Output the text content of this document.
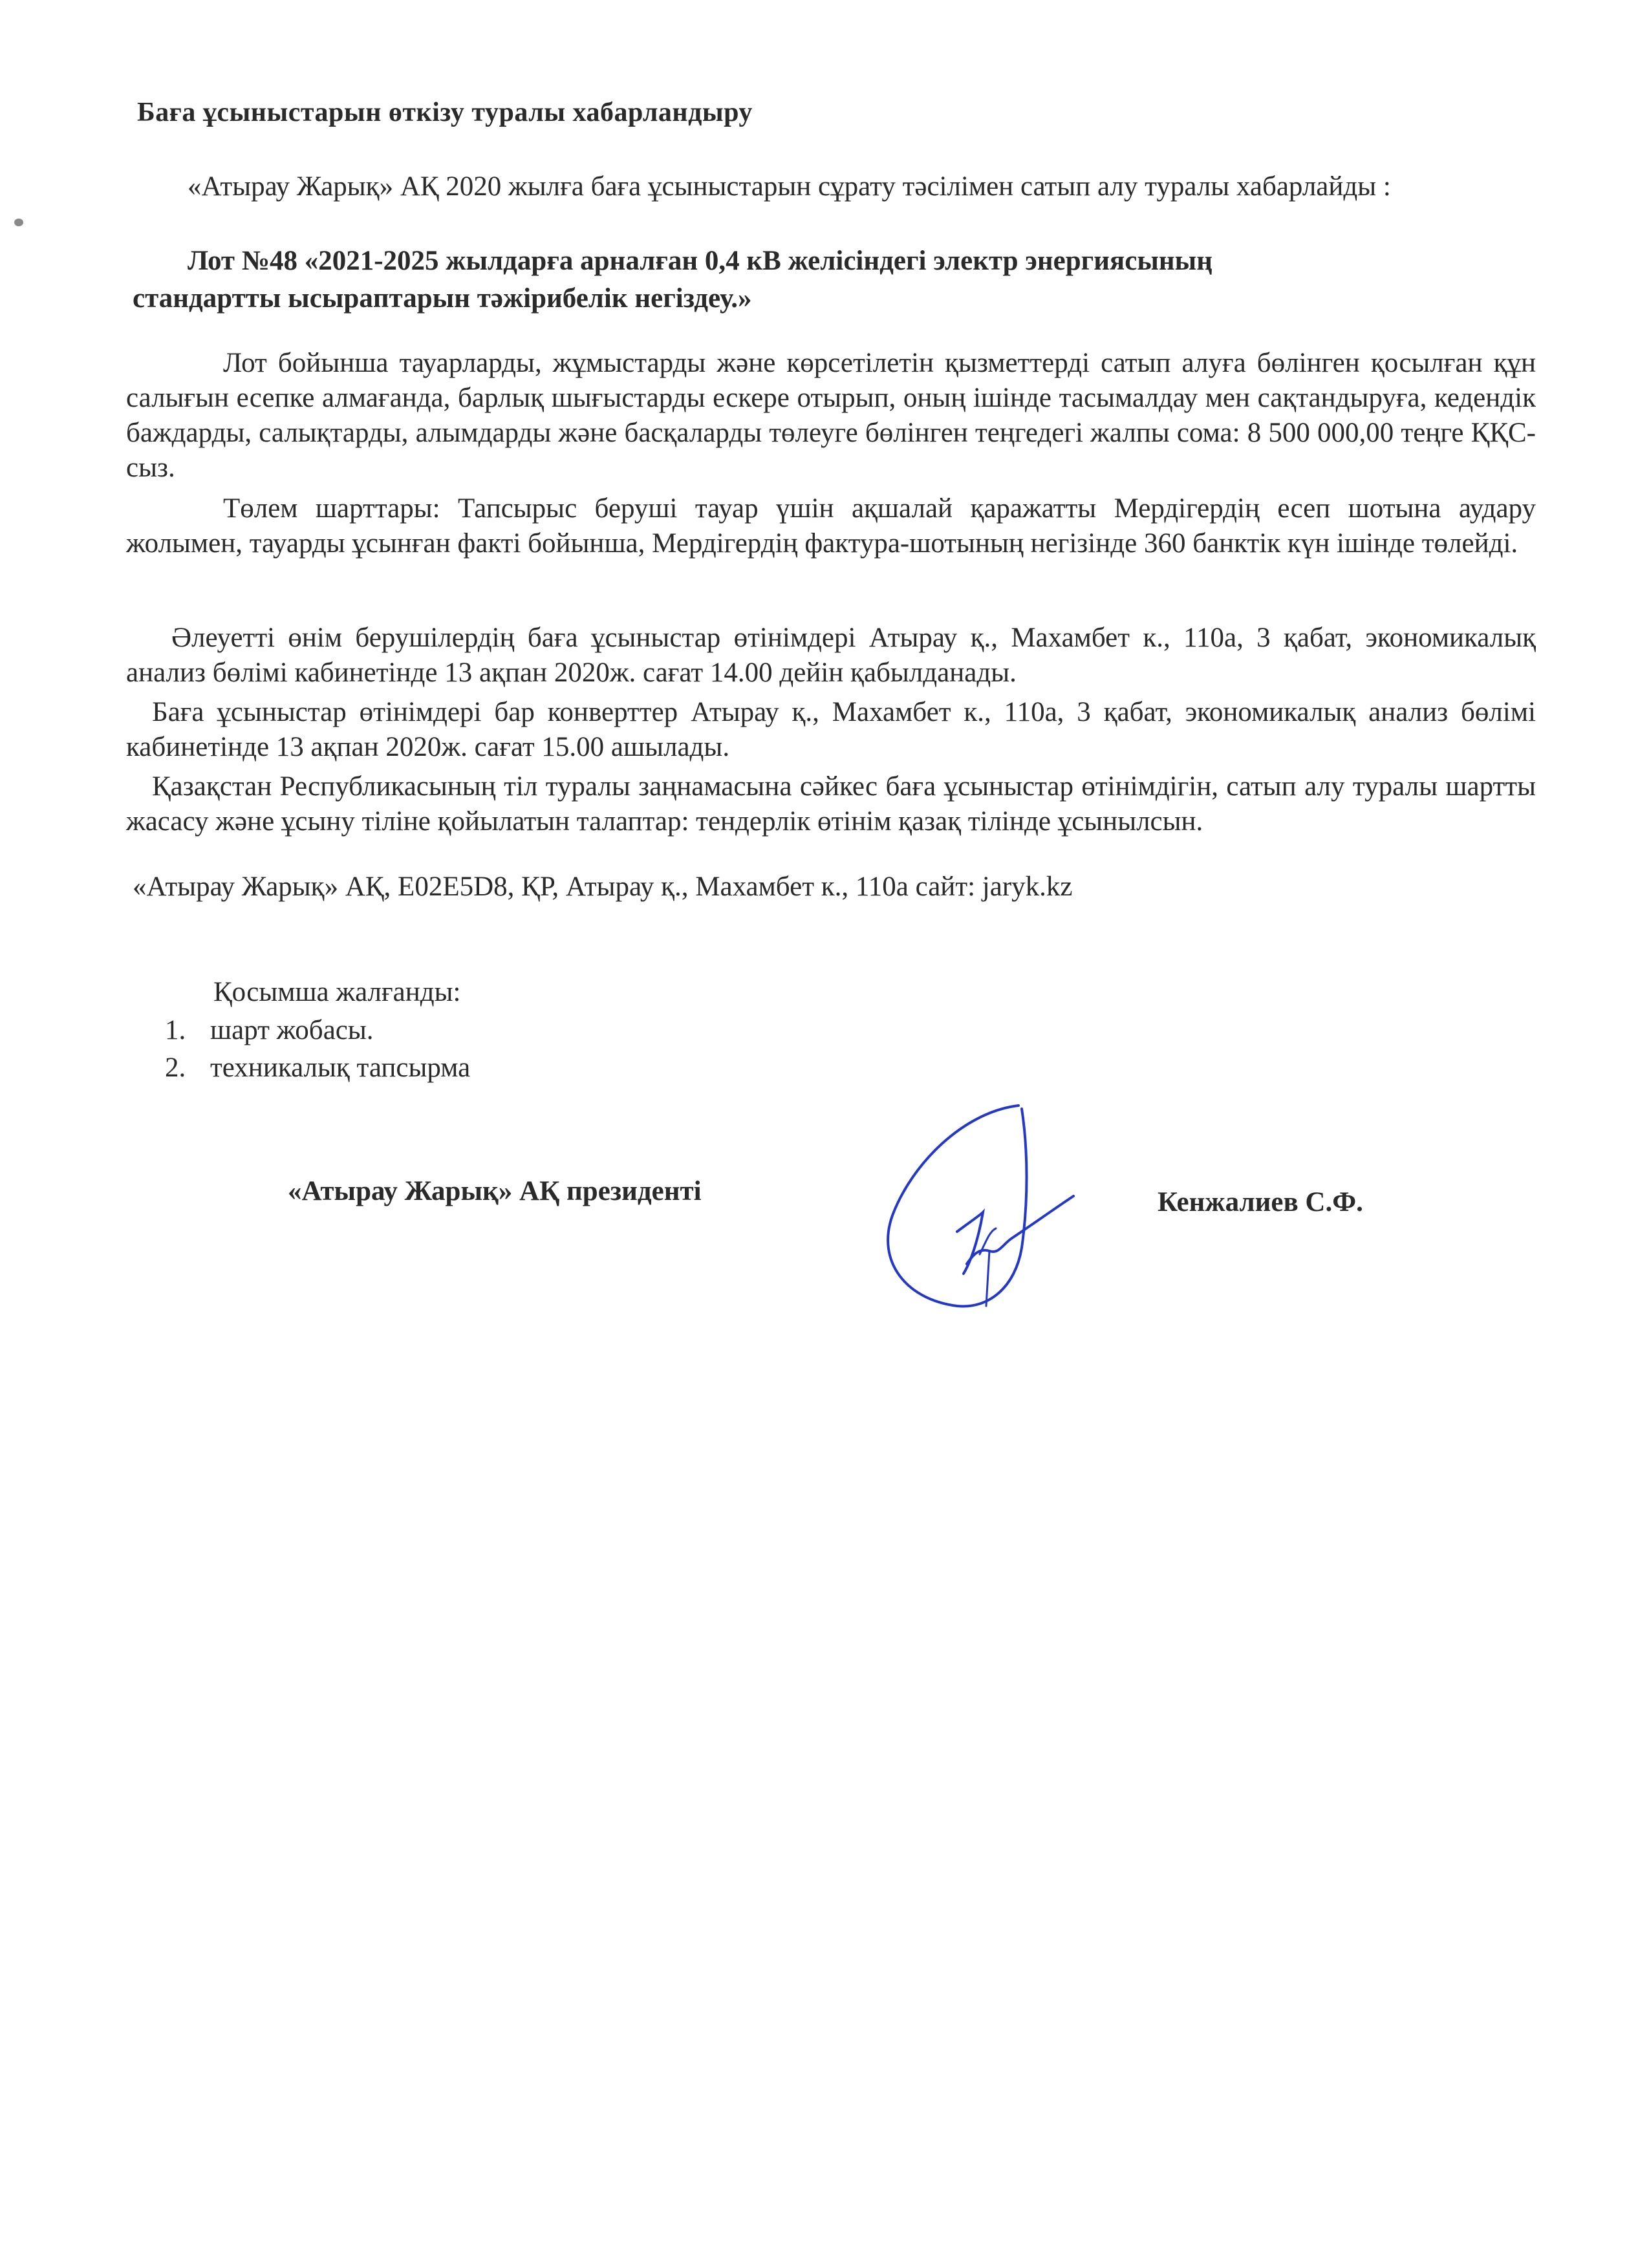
Баға ұсыныстарын өткізу туралы хабарландыру
«Атырау Жарық» АҚ 2020 жылға баға ұсыныстарын сұрату тәсілімен сатып алу туралы хабарлайды :
Лот №48 «2021-2025 жылдарға арналған 0,4 кВ желісіндегі электр энергиясының
стандартты ысырaптарын тәжірибелік негіздеу.»
Лот бойынша тауарларды, жұмыстарды және көрсетілетін қызметтерді сатып алуға бөлінген қосылған құн салығын есепке алмағанда, барлық шығыстарды ескере отырып, оның ішінде тасымалдау мен сақтандыруға, кедендік баждарды, салықтарды, алымдарды және басқаларды төлеуге бөлінген теңгедегі жалпы сома: 8 500 000,00 теңге ҚҚС-сыз.
Төлем шарттары: Тапсырыс беруші тауар үшін ақшалай қаражатты Мердігердің есеп шотына аудару жолымен, тауарды ұсынған факті бойынша, Мердігердің фактура-шотының негізінде 360 банктік күн ішінде төлейді.
Әлеуетті өнім берушілердің баға ұсыныстар өтінімдері Атырау қ., Махамбет к., 110а, 3 қабат, экономикалық анализ бөлімі кабинетінде 13 ақпан 2020ж. сағат 14.00 дейін қабылданады.
Баға ұсыныстар өтінімдері бар конверттер Атырау қ., Махамбет к., 110а, 3 қабат, экономикалық анализ бөлімі кабинетінде 13 ақпан 2020ж. сағат 15.00 ашылады.
Қазақстан Республикасының тіл туралы заңнамасына сәйкес баға ұсыныстар өтінімдігін, сатып алу туралы шартты жасасу және ұсыну тіліне қойылатын талаптар: тендерлік өтінім қазақ тілінде ұсынылсын.
«Атырау Жарық» АҚ, Е02Е5D8, ҚР, Атырау қ., Махамбет к., 110а сайт: jaryk.kz
Қосымша жалғанды:
1. шарт жобасы.
2. техникалық тапсырма
«Атырау Жарық» АҚ президенті	Кенжалиев С.Ф.
